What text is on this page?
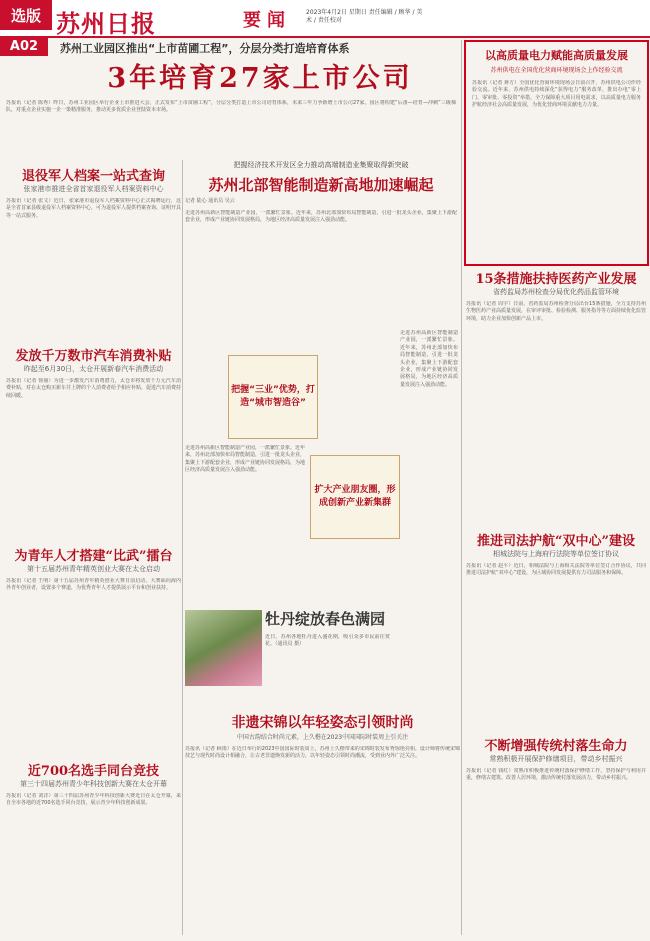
选版 苏州日报	要闻	2023年4月2日 星期日 责任编辑 / 顾华 / 美术 / 责任校对
A02	苏州工业园区推出“上市苗圃工程”，分层分类打造培育体系
3年培育27家上市公司
苏报讯（记者 陈秀）昨日，苏州工业园区举行企业上市推进大会，正式发布“上市苗圃工程”，分层分类打造上市公司培育体系，未来三年力争新增上市公司27家。园区将构建“后备—培育—冲刺”三级梯队，对重点企业实施一企一策精准服务，推动更多优质企业登陆资本市场。
以高质量电力赋能高质量发展
苏州供电在全国优化营商环境现场会上作经验交流
苏报讯（记者 蒋方）全国优化营商环境现场会日前召开，苏州供电公司作经验交流。近年来，苏州供电持续深化“获得电力”服务改革，推出办电“零上门、零审批、零投资”举措，全力保障重大项目用电需求，以高质量电力服务护航经济社会高质量发展，为优化营商环境贡献电力力量。
把握经济技术开发区全力推动高端制造业集聚取得新突破
苏州北部智能制造新高地加速崛起
记者 陆心 通讯员 吴云
走进苏州高新区智能制造产业园，一派繁忙景象。近年来，苏州北部加快布局智能制造，引进一批龙头企业，集聚上下游配套企业，形成产业链协同发展格局，为地区经济高质量发展注入强劲动能。
把握“三业”优势，打造“城市智造谷”
扩大产业朋友圈，形成创新产业新集群
走进苏州高新区智能制造产业园，一派繁忙景象。近年来，苏州北部加快布局智能制造，引进一批龙头企业，集聚上下游配套企业，形成产业链协同发展格局，为地区经济高质量发展注入强劲动能。
走进苏州高新区智能制造产业园，一派繁忙景象。近年来，苏州北部加快布局智能制造，引进一批龙头企业，集聚上下游配套企业，形成产业链协同发展格局，为地区经济高质量发展注入强劲动能。
退役军人档案一站式查询
张家港市推进全省首家退役军人档案资料中心
苏报讯（记者 张文）近日，张家港市退役军人档案资料中心正式揭牌运行，这是全省首家县级退役军人档案资料中心，可为退役军人提供档案查询、证明开具等一站式服务。
发放千万数市汽车消费补贴
昨起至6月30日，太仓开展新春汽车消费活动
苏报讯（记者 徐丽）为进一步激发汽车消费潜力，太仓市将发放千万元汽车消费补贴，对在太仓购买新车并上牌的个人消费者给予相应补贴，促进汽车消费持续回暖。
为青年人才搭建“比武”擂台
第十五届苏州青年精英创业大赛在太仓启动
苏报讯（记者 王明）第十五届苏州青年精英创业大赛日前启动，大赛面向海内外青年创业者，设置多个赛道，为优秀青年人才提供展示平台和创业扶持。
近700名选手同台竞技
第三十四届苏州青少年科技创新大赛在太仓开幕
苏报讯（记者 刘洋）第三十四届苏州青少年科技创新大赛近日在太仓开幕，来自全市各地的近700名选手同台竞技，展示青少年科技创新成果。
15条措施扶持医药产业发展
省药监局苏州检查分局优化药品监管环境
苏报讯（记者 周宇）日前，省药监局苏州检查分局出台15条措施，全力支持苏州生物医药产业高质量发展，在审评审批、检验检测、服务指导等方面持续优化监管环境，助力企业加快创新产品上市。
推进司法护航“双中心”建设
相城法院与上海府行法院等单位签订协议
苏报讯（记者 赵平）近日，相城法院与上海相关法院等单位签订合作协议，共同推进司法护航“双中心”建设，为区域协同发展提供有力司法服务和保障。
不断增强传统村落生命力
常熟积极开展保护修缮项目，带动乡村振兴
苏报讯（记者 钱红）常熟市积极推进传统村落保护修缮工作，坚持保护与利用并重，修缮古建筑、改善人居环境，激活传统村落发展活力，带动乡村振兴。
牡丹绽放春色满园
近日，苏州各地牡丹进入盛花期，吸引众多市民前往赏花。（通讯员 摄）
非遗宋锦以年轻姿态引领时尚
中国古韵结合时尚元素，上久楷在2023中国国际时装周上引关注
苏报讯（记者 顾雨）在近日举行的2023中国国际时装周上，苏州上久楷带来的宋锦时装发布秀惊艳亮相。设计师将传统宋锦技艺与现代时尚设计相融合，让古老非遗焕发新的活力，以年轻姿态引领时尚潮流，受到业内外广泛关注。
